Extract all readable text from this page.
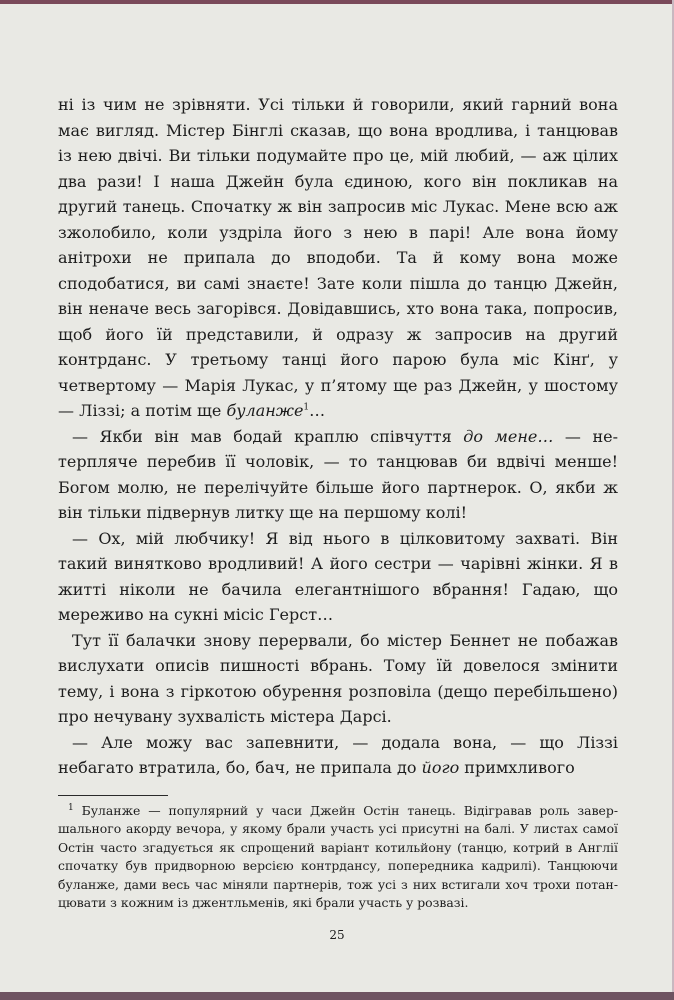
ні із чим не зрівняти. Усі тільки й говорили, який гарний вона має вигляд. Містер Бінглі сказав, що вона вродлива, і танцював із нею двічі. Ви тільки подумайте про це, мій любий, — аж цілих два рази! І наша Джейн була єдиною, кого він покликав на другий танець. Спочатку ж він запросив міс Лукас. Мене всю аж зжолобило, коли уздріла його з нею в парі! Але вона йому анітрохи не припала до вподоби. Та й кому вона може сподобатися, ви самі знаєте! Зате коли пішла до танцю Джейн, він неначе весь загорівся. Довідавшись, хто вона така, попросив, щоб його їй представили, й одразу ж запросив на другий контрданс. У третьому танці його парою була міс Кінґ, у четвертому — Марія Лукас, у п’ятому ще раз Джейн, у шостому — Ліззі; а потім ще буланже$^1$…

— Якби він мав бодай краплю співчуття до мене… — нетерпляче перебив її чоловік, — то танцював би вдвічі менше! Богом молю, не перелічуйте більше його партнерок. О, якби ж він тільки підвернув литку ще на першому колі!

— Ох, мій любчику! Я від нього в цілковитому захваті. Він такий винятково вродливий! А його сестри — чарівні жінки. Я в житті ніколи не бачила елегантнішого вбрання! Гадаю, що мереживо на сукні місіс Герст…

Тут її балачки знову перервали, бо містер Беннет не побажав вислухати описів пишності вбрань. Тому їй довелося змінити тему, і вона з гіркотою обурення розповіла (дещо перебільшено) про нечувану зухвалість містера Дарсі.

— Але можу вас запевнити, — додала вона, — що Ліззі небагато втратила, бо, бач, не припала до його примхливого

$^1$ Буланже — популярний у часи Джейн Остін танець. Відігравав роль завершального акорду вечора, у якому брали участь усі присутні на балі. У листах самої Остін часто згадується як спрощений варіант котильйону (танцю, котрий в Англії спочатку був придворною версією контрдансу, попередника кадрилі). Танцюючи буланже, дами весь час міняли партнерів, тож усі з них встигали хоч трохи потанцювати з кожним із джентльменів, які брали участь у розвазі.

25
